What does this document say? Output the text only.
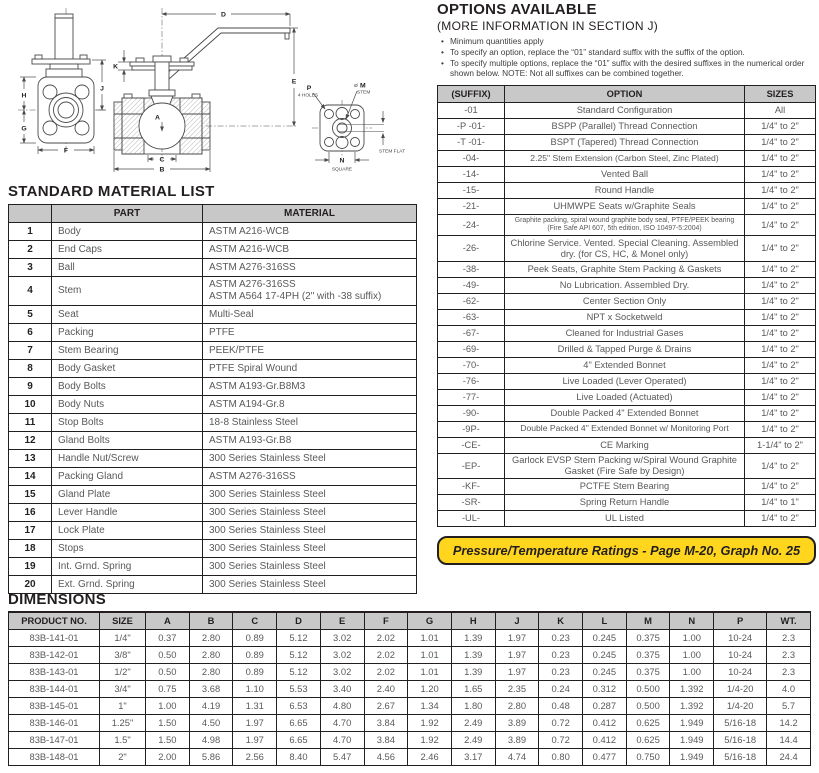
H
G
F
J
D
K
E
A
C
B
P
4 HOLES
Ø M
STEM
N
SQUARE
STEM FLAT
STANDARD MATERIAL LIST
	PART	MATERIAL
1	Body	ASTM A216-WCB
2	End Caps	ASTM A216-WCB
3	Ball	ASTM A276-316SS
4	Stem	ASTM A276-316SS
ASTM A564 17-4PH (2" with -38 suffix)
5	Seat	Multi-Seal
6	Packing	PTFE
7	Stem Bearing	PEEK/PTFE
8	Body Gasket	PTFE Spiral Wound
9	Body Bolts	ASTM A193-Gr.B8M3
10	Body Nuts	ASTM A194-Gr.8
11	Stop Bolts	18-8 Stainless Steel
12	Gland Bolts	ASTM A193-Gr.B8
13	Handle Nut/Screw	300 Series Stainless Steel
14	Packing Gland	ASTM A276-316SS
15	Gland Plate	300 Series Stainless Steel
16	Lever Handle	300 Series Stainless Steel
17	Lock Plate	300 Series Stainless Steel
18	Stops	300 Series Stainless Steel
19	Int. Grnd. Spring	300 Series Stainless Steel
20	Ext. Grnd. Spring	300 Series Stainless Steel
OPTIONS AVAILABLE
(MORE INFORMATION IN SECTION J)
• Minimum quantities apply
• To specify an option, replace the “01” standard suffix with the suffix of the option.
• To specify multiple options, replace the “01” suffix with the desired suffixes in the numerical order shown below. NOTE: Not all suffixes can be combined together.
(SUFFIX)	OPTION	SIZES
-01	Standard Configuration	All
-P -01-	BSPP (Parallel) Thread Connection	1/4" to 2"
-T -01-	BSPT (Tapered) Thread Connection	1/4" to 2"
-04-	2.25" Stem Extension (Carbon Steel, Zinc Plated)	1/4" to 2"
-14-	Vented Ball	1/4" to 2"
-15-	Round Handle	1/4" to 2"
-21-	UHMWPE Seats w/Graphite Seals	1/4" to 2"
-24-	Graphite packing, spiral wound graphite body seal, PTFE/PEEK bearing (Fire Safe API 607, 5th edition, ISO 10497-5:2004)	1/4" to 2"
-26-	Chlorine Service. Vented. Special Cleaning. Assembled dry. (for CS, HC, & Monel only)	1/4" to 2"
-38-	Peek Seats, Graphite Stem Packing & Gaskets	1/4" to 2"
-49-	No Lubrication. Assembled Dry.	1/4" to 2"
-62-	Center Section Only	1/4" to 2"
-63-	NPT x Socketweld	1/4" to 2"
-67-	Cleaned for Industrial Gases	1/4" to 2"
-69-	Drilled & Tapped Purge & Drains	1/4" to 2"
-70-	4" Extended Bonnet	1/4" to 2"
-76-	Live Loaded (Lever Operated)	1/4" to 2"
-77-	Live Loaded (Actuated)	1/4" to 2"
-90-	Double Packed 4" Extended Bonnet	1/4" to 2"
-9P-	Double Packed 4" Extended Bonnet w/ Monitoring Port	1/4" to 2"
-CE-	CE Marking	1-1/4" to 2"
-EP-	Garlock EVSP Stem Packing w/Spiral Wound Graphite Gasket (Fire Safe by Design)	1/4" to 2"
-KF-	PCTFE Stem Bearing	1/4" to 2"
-SR-	Spring Return Handle	1/4" to 1"
-UL-	UL Listed	1/4" to 2"
Pressure/Temperature Ratings - Page M-20, Graph No. 25
DIMENSIONS
PRODUCT NO.	SIZE	A	B	C	D	E	F	G	H	J	K	L	M	N	P	WT.
83B-141-01	1/4"	0.37	2.80	0.89	5.12	3.02	2.02	1.01	1.39	1.97	0.23	0.245	0.375	1.00	10-24	2.3
83B-142-01	3/8"	0.50	2.80	0.89	5.12	3.02	2.02	1.01	1.39	1.97	0.23	0.245	0.375	1.00	10-24	2.3
83B-143-01	1/2"	0.50	2.80	0.89	5.12	3.02	2.02	1.01	1.39	1.97	0.23	0.245	0.375	1.00	10-24	2.3
83B-144-01	3/4"	0.75	3.68	1.10	5.53	3.40	2.40	1.20	1.65	2.35	0.24	0.312	0.500	1.392	1/4-20	4.0
83B-145-01	1"	1.00	4.19	1.31	6.53	4.80	2.67	1.34	1.80	2.80	0.48	0.287	0.500	1.392	1/4-20	5.7
83B-146-01	1.25"	1.50	4.50	1.97	6.65	4.70	3.84	1.92	2.49	3.89	0.72	0.412	0.625	1.949	5/16-18	14.2
83B-147-01	1.5"	1.50	4.98	1.97	6.65	4.70	3.84	1.92	2.49	3.89	0.72	0.412	0.625	1.949	5/16-18	14.4
83B-148-01	2"	2.00	5.86	2.56	8.40	5.47	4.56	2.46	3.17	4.74	0.80	0.477	0.750	1.949	5/16-18	24.4
